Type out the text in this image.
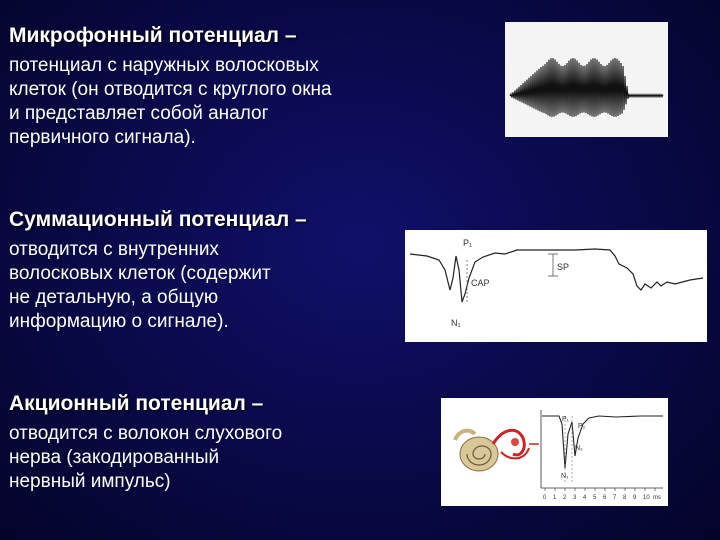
Микрофонный потенциал –

потенциал с наружных волосковых
клеток (он отводится с круглого окна
и представляет собой аналог
первичного сигнала).

Суммационный потенциал –

отводится с внутренних
волосковых клеток (содержит
не детальную, а общую
информацию о сигнале).

P₁
SP
CAP
N₁

Акционный потенциал –

отводится с волокон слухового
нерва (закодированный
нервный импульс)

P₁
N₁
N₂
P₂
0 1 2 3 4 5 6 7 8 9 10 ms
